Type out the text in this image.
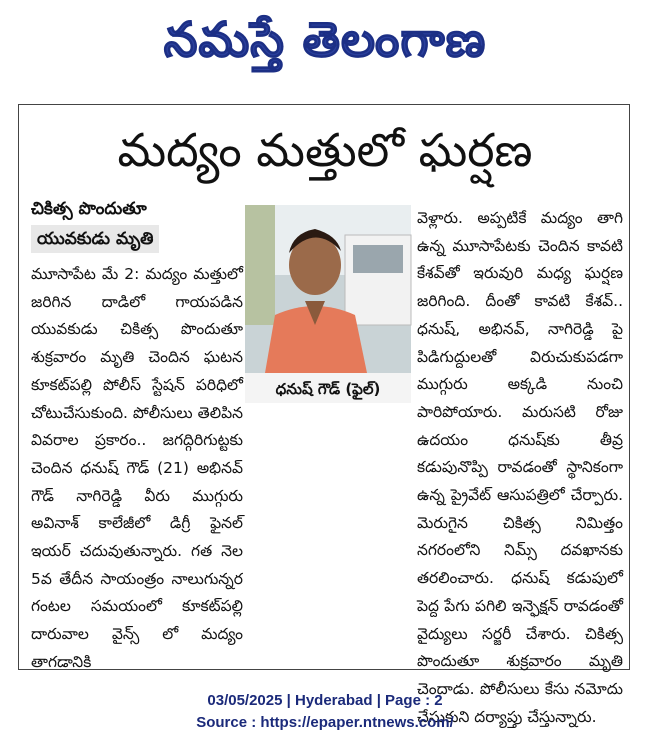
నమస్తే తెలంగాణ
మద్యం మత్తులో ఘర్షణ
చికిత్స పొందుతూ
యువకుడు మృతి
మూసాపేట మే 2: మద్యం మత్తులో జరిగిన దాడిలో గాయపడిన యువకుడు చికిత్స పొందుతూ శుక్రవారం మృతి చెందిన ఘటన కూకట్‌పల్లి పోలీస్ స్టేషన్ పరిధిలో చోటుచేసుకుంది. పోలీసులు తెలిపిన వివరాల ప్రకారం.. జగద్గిరిగుట్టకు చెందిన ధనుష్ గౌడ్ (21) అభినవ్ గౌడ్ నాగిరెడ్డి వీరు ముగ్గురు అవినాశ్ కాలేజీలో డిగ్రీ ఫైనల్ ఇయర్ చదువుతున్నారు. గత నెల 5వ తేదీన సాయంత్రం నాలుగున్నర గంటల సమయంలో కూకట్‌పల్లి దారువాల వైన్స్ లో మద్యం తాగడానికి
ధనుష్ గౌడ్ (ఫైల్)
వెళ్లారు. అప్పటికే మద్యం తాగి ఉన్న మూసాపేటకు చెందిన కావటి కేశవ్‌తో ఇరువురి మధ్య ఘర్షణ జరిగింది. దీంతో కావటి కేశవ్.. ధనుష్, అభినవ్, నాగిరెడ్డి పై పిడిగుద్దులతో విరుచుకుపడగా ముగ్గురు అక్కడి నుంచి పారిపోయారు. మరుసటి రోజు ఉదయం ధనుష్‌కు తీవ్ర కడుపునొప్పి రావడంతో స్థానికంగా ఉన్న ప్రైవేట్ ఆసుపత్రిలో చేర్పారు. మెరుగైన చికిత్స నిమిత్తం నగరంలోని నిమ్స్ దవఖానకు తరలించారు. ధనుష్ కడుపులో పెద్ద పేగు పగిలి ఇన్ఫెక్షన్ రావడంతో వైద్యులు సర్జరీ చేశారు. చికిత్స పొందుతూ శుక్రవారం మృతి చెందాడు. పోలీసులు కేసు నమోదు చేసుకుని దర్యాప్తు చేస్తున్నారు.
03/05/2025 | Hyderabad | Page : 2
Source : https://epaper.ntnews.com/
